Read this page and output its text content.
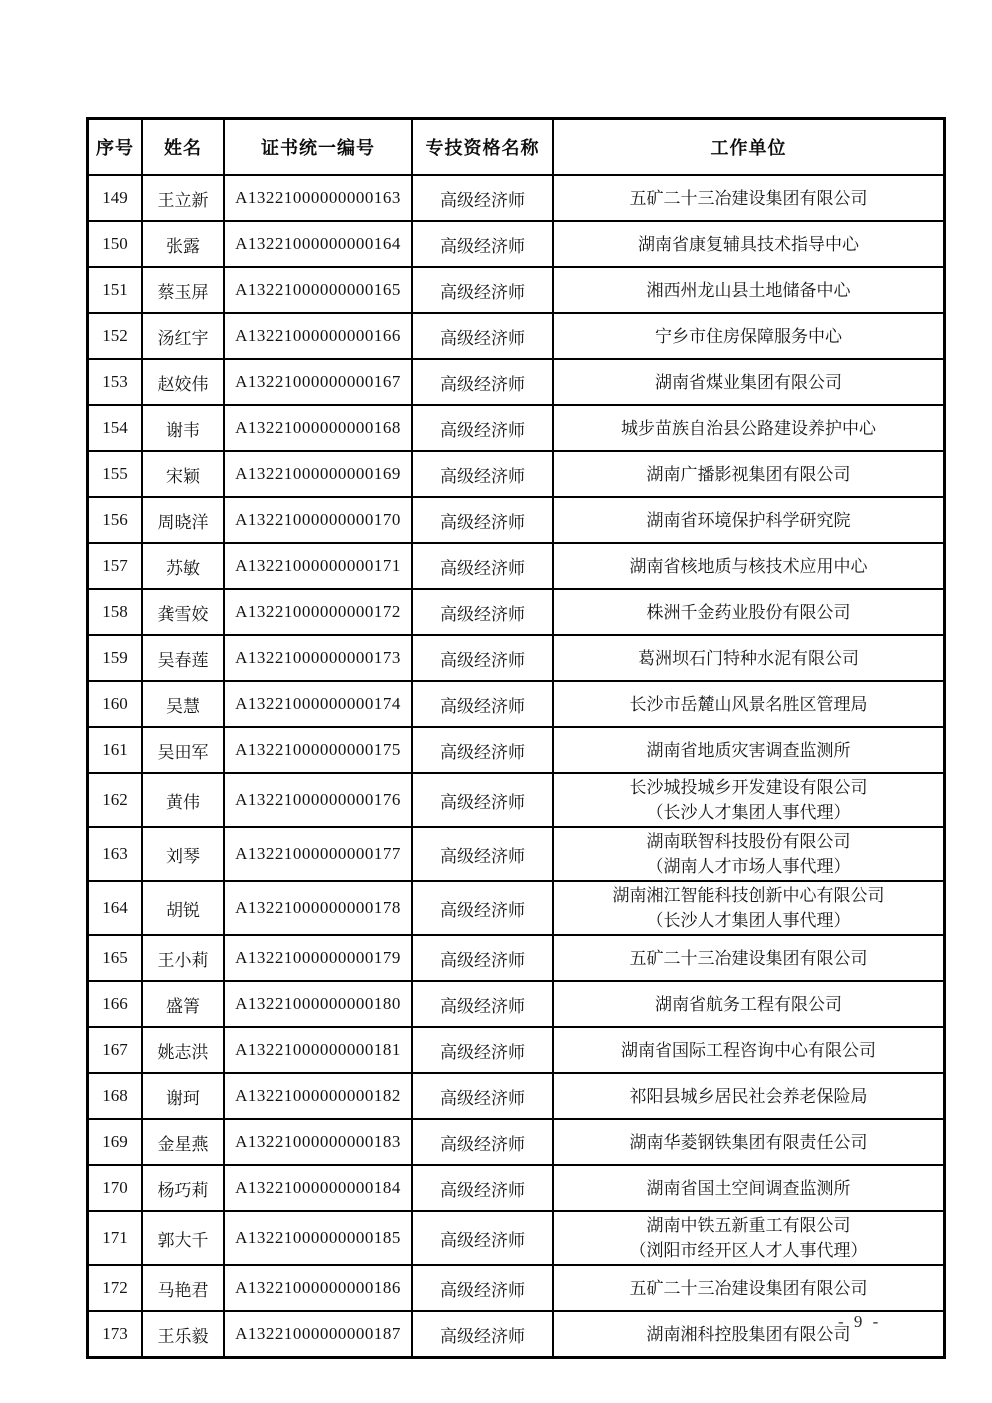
序号	姓名	证书统一编号	专技资格名称	工作单位
149	王立新	A13221000000000163	高级经济师	五矿二十三冶建设集团有限公司

150	张露	A13221000000000164	高级经济师	湖南省康复辅具技术指导中心

151	蔡玉屏	A13221000000000165	高级经济师	湘西州龙山县土地储备中心

152	汤红宇	A13221000000000166	高级经济师	宁乡市住房保障服务中心

153	赵姣伟	A13221000000000167	高级经济师	湖南省煤业集团有限公司

154	谢韦	A13221000000000168	高级经济师	城步苗族自治县公路建设养护中心

155	宋颖	A13221000000000169	高级经济师	湖南广播影视集团有限公司

156	周晓洋	A13221000000000170	高级经济师	湖南省环境保护科学研究院

157	苏敏	A13221000000000171	高级经济师	湖南省核地质与核技术应用中心

158	龚雪姣	A13221000000000172	高级经济师	株洲千金药业股份有限公司

159	吴春莲	A13221000000000173	高级经济师	葛洲坝石门特种水泥有限公司

160	吴慧	A13221000000000174	高级经济师	长沙市岳麓山风景名胜区管理局

161	吴田军	A13221000000000175	高级经济师	湖南省地质灾害调查监测所

162	黄伟	A13221000000000176	高级经济师	长沙城投城乡开发建设有限公司
（长沙人才集团人事代理）

163	刘琴	A13221000000000177	高级经济师	湖南联智科技股份有限公司
（湖南人才市场人事代理）

164	胡锐	A13221000000000178	高级经济师	湖南湘江智能科技创新中心有限公司
（长沙人才集团人事代理）

165	王小莉	A13221000000000179	高级经济师	五矿二十三冶建设集团有限公司

166	盛箐	A13221000000000180	高级经济师	湖南省航务工程有限公司

167	姚志洪	A13221000000000181	高级经济师	湖南省国际工程咨询中心有限公司

168	谢珂	A13221000000000182	高级经济师	祁阳县城乡居民社会养老保险局

169	金星燕	A13221000000000183	高级经济师	湖南华菱钢铁集团有限责任公司

170	杨巧莉	A13221000000000184	高级经济师	湖南省国土空间调查监测所

171	郭大千	A13221000000000185	高级经济师	湖南中铁五新重工有限公司
（浏阳市经开区人才人事代理）

172	马艳君	A13221000000000186	高级经济师	五矿二十三冶建设集团有限公司

173	王乐毅	A13221000000000187	高级经济师	湖南湘科控股集团有限公司
- 9 -
